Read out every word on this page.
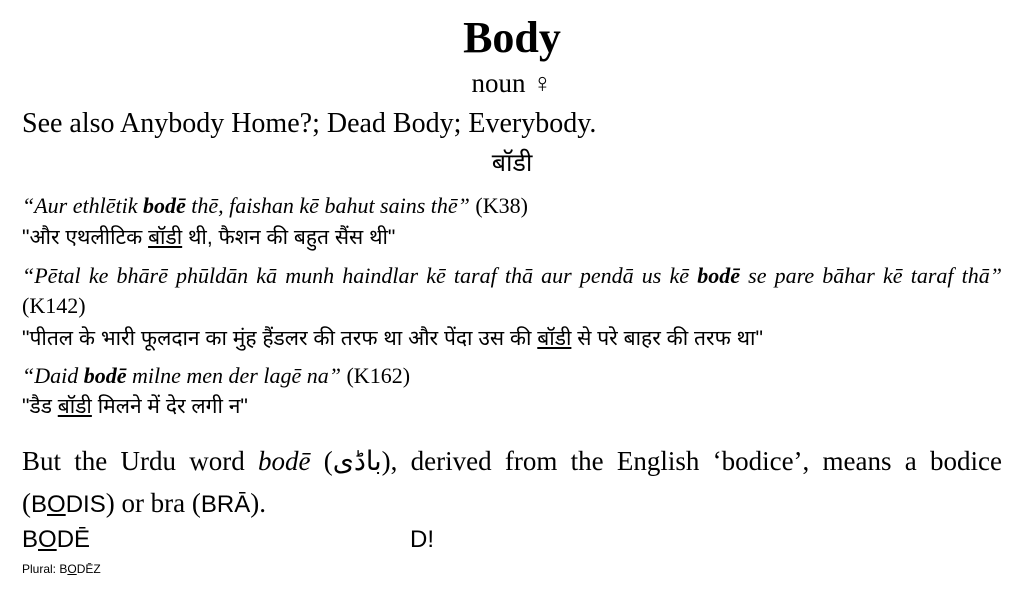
Body
noun ♀
See also Anybody Home?; Dead Body; Everybody.
बॉडी
“Aur ethlētik bodē thē, faishan kē bahut sains thē” (K38)
"और एथलीटिक बॉडी थी, फैशन की बहुत सैंस थी"
“Pētal ke bhārē phūldān kā munh haindlar kē taraf thā aur pendā us kē bodē se pare bāhar kē taraf thā” (K142)
"पीतल के भारी फूलदान का मुंह हैंडलर की तरफ था और पेंदा उस की बॉडी से परे बाहर की तरफ था"
“Daid bodē milne men der lagē na” (K162)
"डैड बॉडी मिलने में देर लगी न"
But the Urdu word bodē (باڈی), derived from the English ‘bodice’, means a bodice (BODIS) or bra (BRĀ).
BODĒ	D!
Plural: BODĒZ
